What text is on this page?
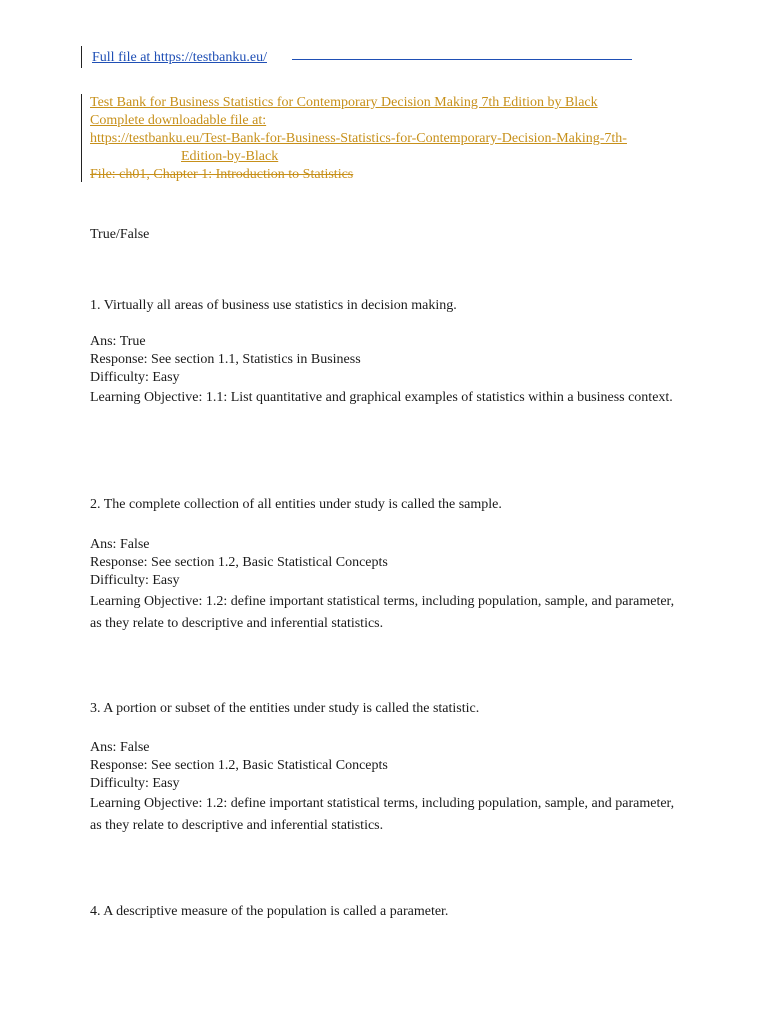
Full file at https://testbanku.eu/
Test Bank for Business Statistics for Contemporary Decision Making 7th Edition by Black
Complete downloadable file at:
https://testbanku.eu/Test-Bank-for-Business-Statistics-for-Contemporary-Decision-Making-7th-
Edition-by-Black
File: ch01, Chapter 1: Introduction to Statistics
True/False
1. Virtually all areas of business use statistics in decision making.
Ans: True
Response: See section 1.1, Statistics in Business
Difficulty: Easy
Learning Objective: 1.1: List quantitative and graphical examples of statistics within a business context.
2. The complete collection of all entities under study is called the sample.
Ans: False
Response: See section 1.2, Basic Statistical Concepts
Difficulty: Easy
Learning Objective: 1.2: define important statistical terms, including population, sample, and parameter, as they relate to descriptive and inferential statistics.
3. A portion or subset of the entities under study is called the statistic.
Ans: False
Response: See section 1.2, Basic Statistical Concepts
Difficulty: Easy
Learning Objective: 1.2: define important statistical terms, including population, sample, and parameter, as they relate to descriptive and inferential statistics.
4. A descriptive measure of the population is called a parameter.
